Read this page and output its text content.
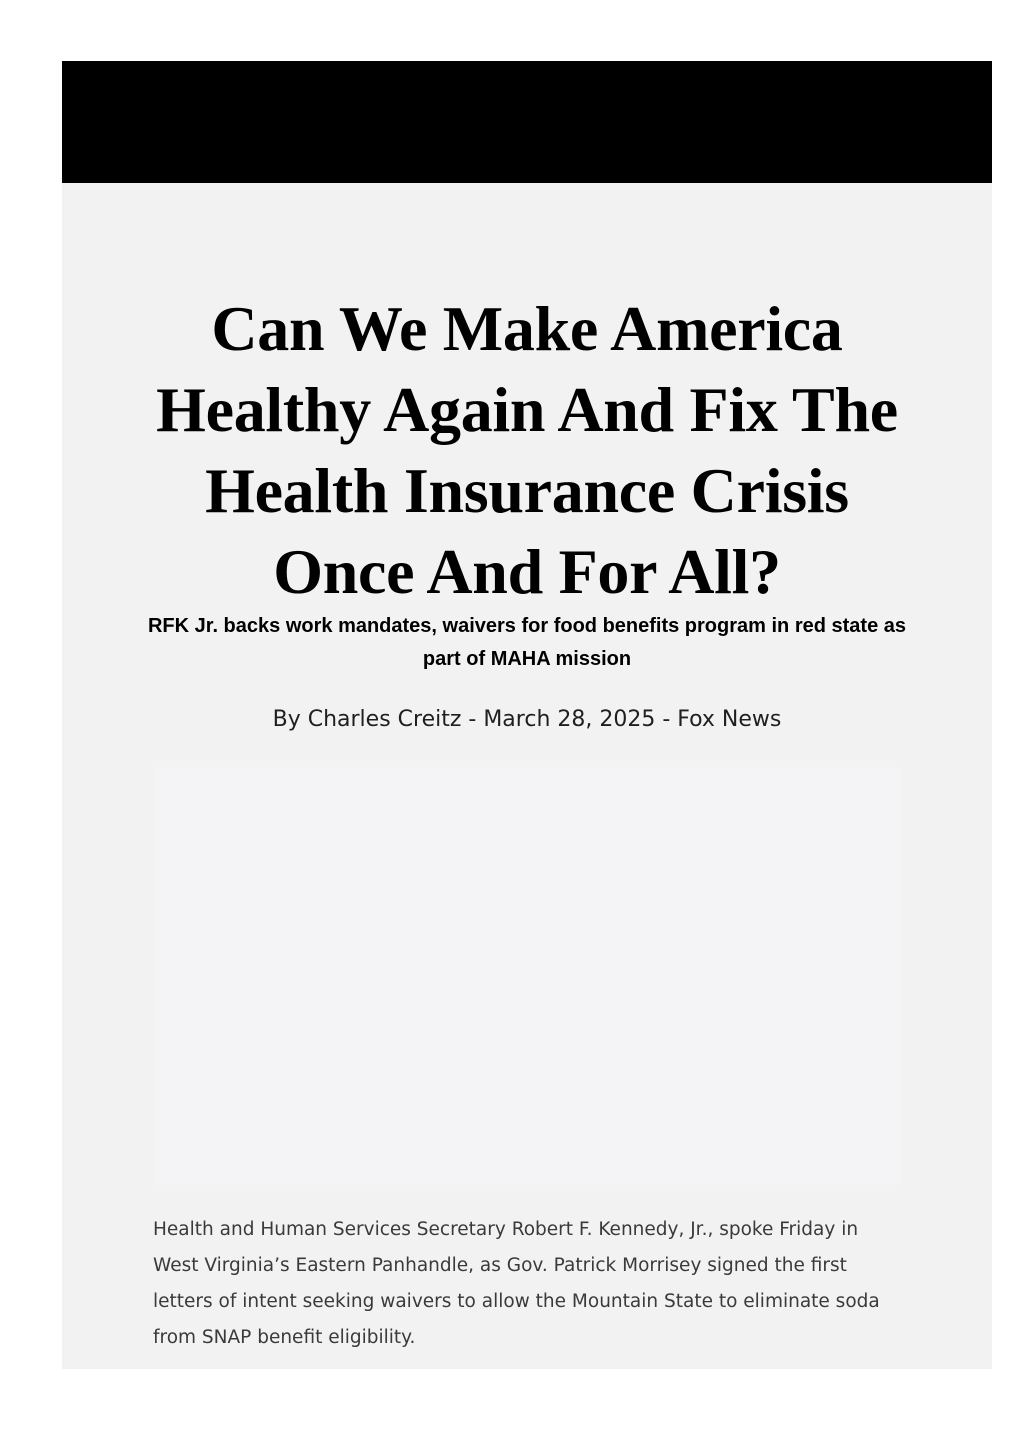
Can We Make America Healthy Again And Fix The Health Insurance Crisis Once And For All?
RFK Jr. backs work mandates, waivers for food benefits program in red state as part of MAHA mission
By Charles Creitz - March 28, 2025 - Fox News

Health and Human Services Secretary Robert F. Kennedy, Jr., spoke Friday in West Virginia’s Eastern Panhandle, as Gov. Patrick Morrisey signed the first letters of intent seeking waivers to allow the Mountain State to eliminate soda from SNAP benefit eligibility.
